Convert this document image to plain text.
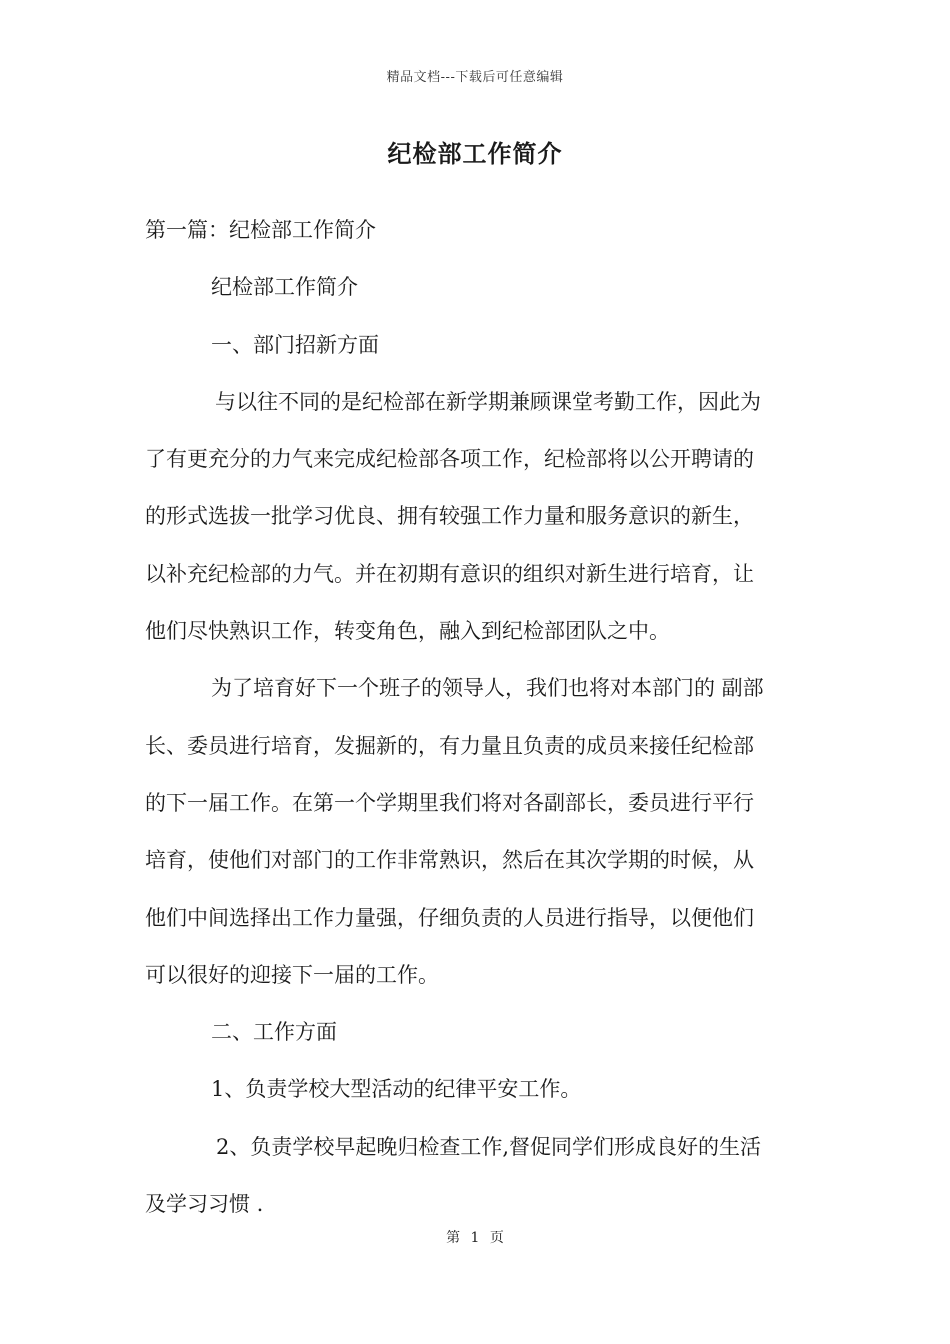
精品文档---下载后可任意编辑
纪检部工作简介

第一篇：纪检部工作简介

纪检部工作简介

一、部门招新方面

与以往不同的是纪检部在新学期兼顾课堂考勤工作，因此为

了有更充分的力气来完成纪检部各项工作，纪检部将以公开聘请的

的形式选拔一批学习优良、拥有较强工作力量和服务意识的新生，

以补充纪检部的力气。并在初期有意识的组织对新生进行培育，让

他们尽快熟识工作，转变角色，融入到纪检部团队之中。

为了培育好下一个班子的领导人，我们也将对本部门的 副部

长、委员进行培育，发掘新的，有力量且负责的成员来接任纪检部

的下一届工作。在第一个学期里我们将对各副部长，委员进行平行

培育，使他们对部门的工作非常熟识，然后在其次学期的时候，从

他们中间选择出工作力量强，仔细负责的人员进行指导，以便他们

可以很好的迎接下一届的工作。

二、工作方面

1、负责学校大型活动的纪律平安工作。

2、负责学校早起晚归检查工作,督促同学们形成良好的生活

及学习习惯 .

第 1 页
